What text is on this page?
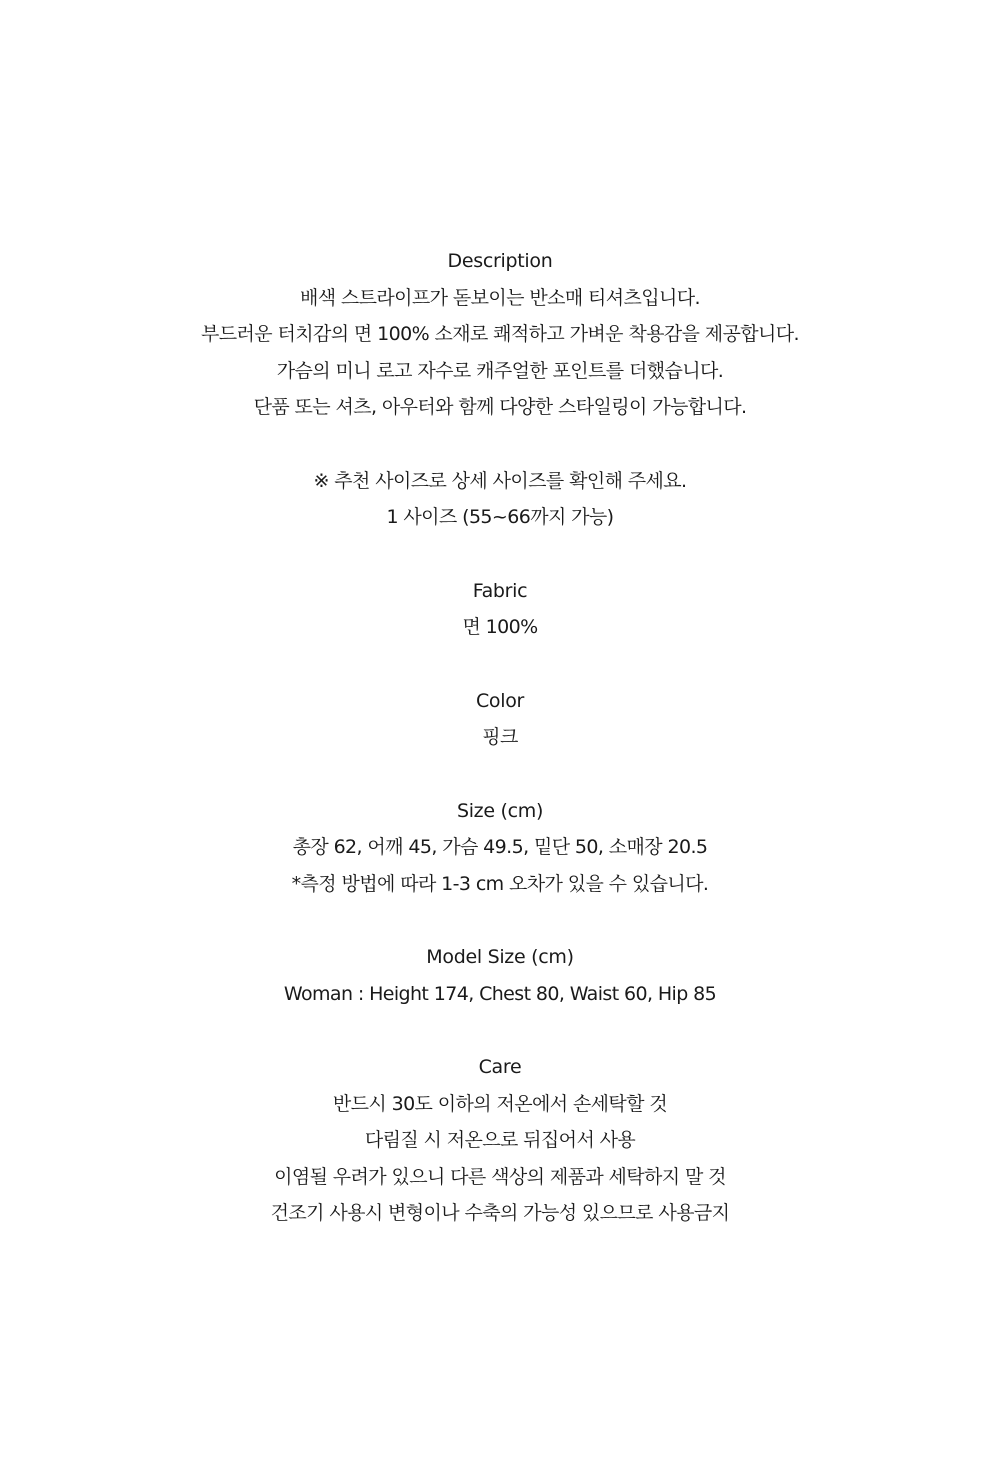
Description
배색 스트라이프가 돋보이는 반소매 티셔츠입니다.
부드러운 터치감의 면 100% 소재로 쾌적하고 가벼운 착용감을 제공합니다.
가슴의 미니 로고 자수로 캐주얼한 포인트를 더했습니다.
단품 또는 셔츠, 아우터와 함께 다양한 스타일링이 가능합니다.
※ 추천 사이즈로 상세 사이즈를 확인해 주세요.
1 사이즈 (55~66까지 가능)
Fabric
면 100%
Color
핑크
Size (cm)
총장 62, 어깨 45, 가슴 49.5, 밑단 50, 소매장 20.5
*측정 방법에 따라 1-3 cm 오차가 있을 수 있습니다.
Model Size (cm)
Woman : Height 174, Chest 80, Waist 60, Hip 85
Care
반드시 30도 이하의 저온에서 손세탁할 것
다림질 시 저온으로 뒤집어서 사용
이염될 우려가 있으니 다른 색상의 제품과 세탁하지 말 것
건조기 사용시 변형이나 수축의 가능성 있으므로 사용금지
